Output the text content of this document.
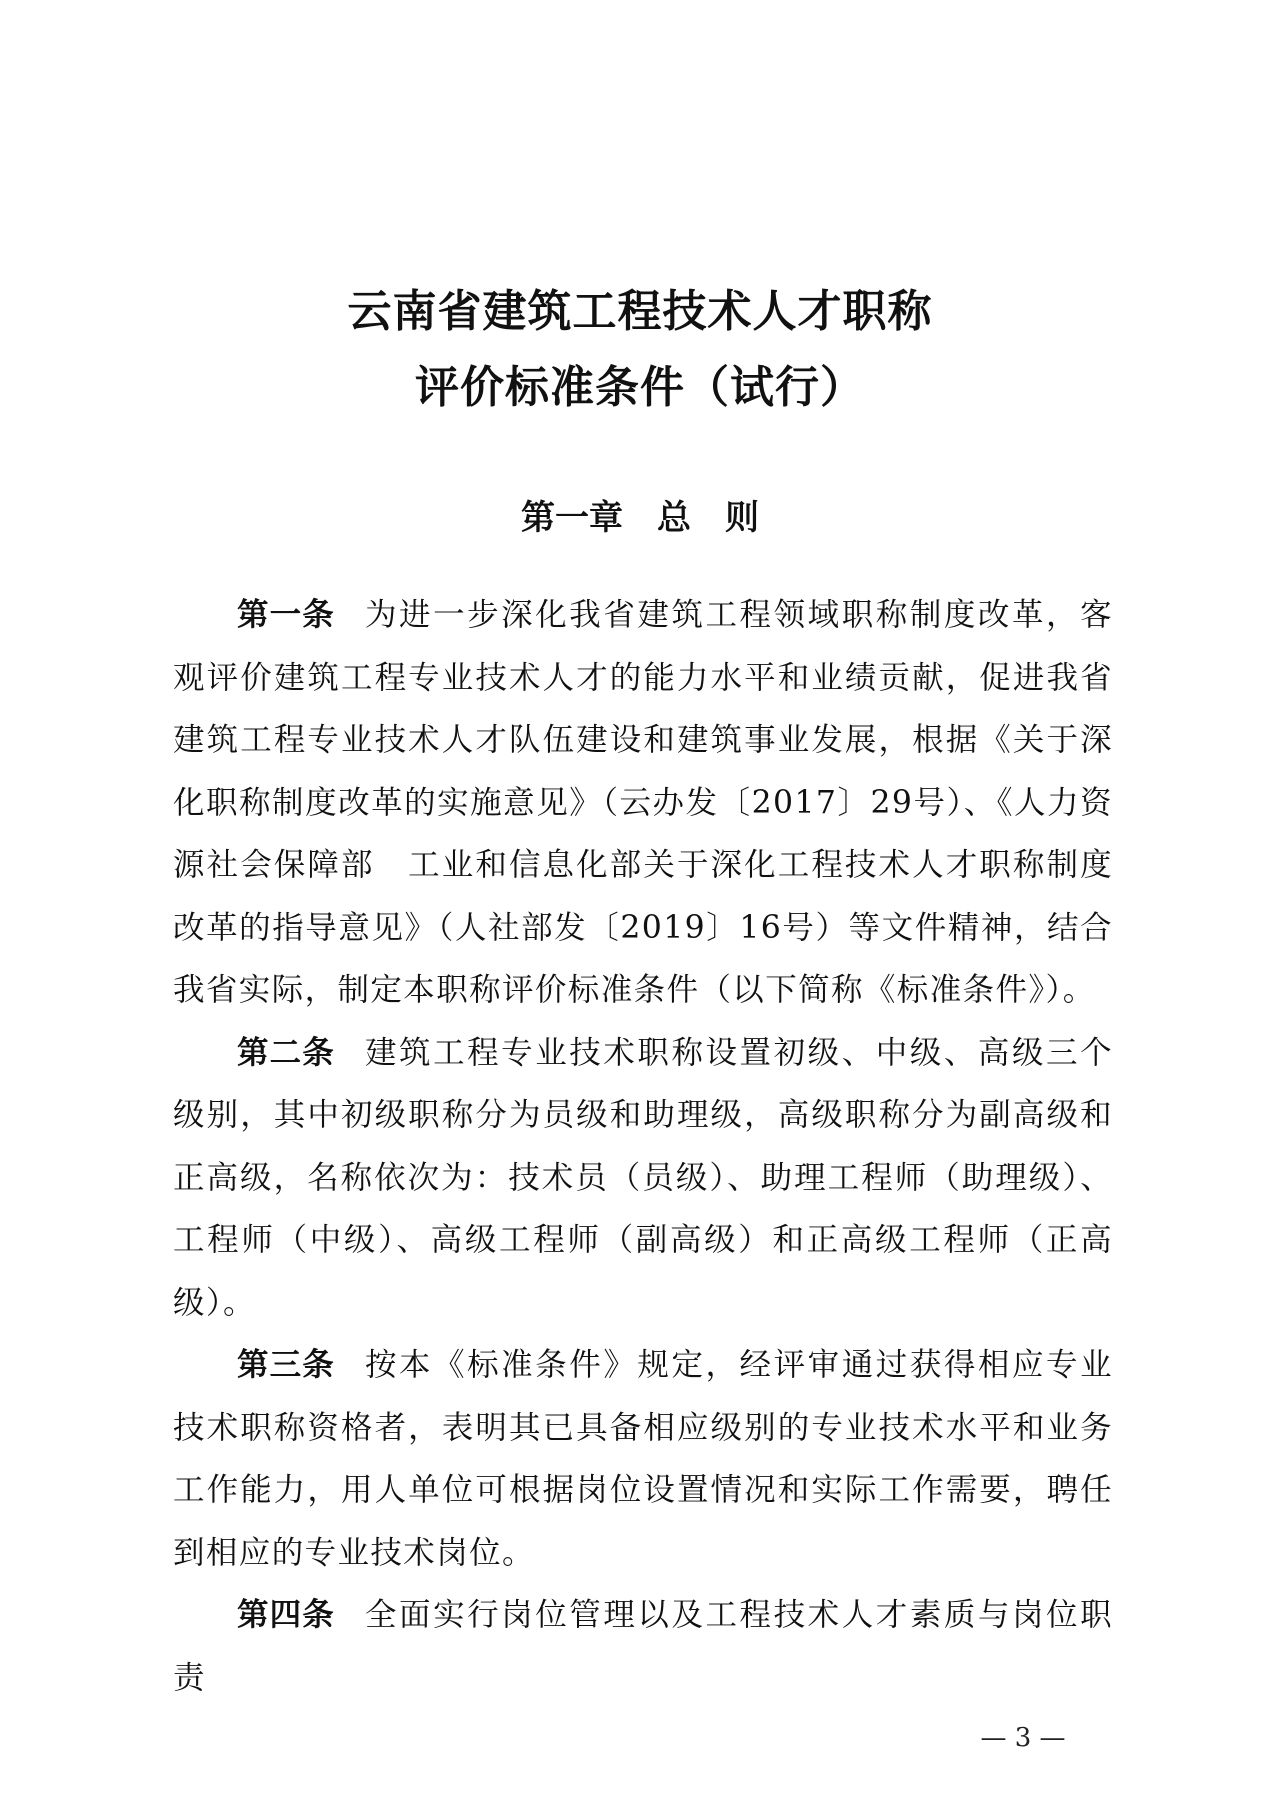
云南省建筑工程技术人才职称
评价标准条件（试行）
第一章 总　则

第一条 为进一步深化我省建筑工程领域职称制度改革，客观评价建筑工程专业技术人才的能力水平和业绩贡献，促进我省建筑工程专业技术人才队伍建设和建筑事业发展，根据《关于深化职称制度改革的实施意见》（云办发〔2017〕29号）、《人力资源社会保障部　工业和信息化部关于深化工程技术人才职称制度改革的指导意见》（人社部发〔2019〕16号）等文件精神，结合我省实际，制定本职称评价标准条件（以下简称《标准条件》）。

第二条 建筑工程专业技术职称设置初级、中级、高级三个级别，其中初级职称分为员级和助理级，高级职称分为副高级和正高级，名称依次为：技术员（员级）、助理工程师（助理级）、工程师（中级）、高级工程师（副高级）和正高级工程师（正高级）。

第三条 按本《标准条件》规定，经评审通过获得相应专业技术职称资格者，表明其已具备相应级别的专业技术水平和业务工作能力，用人单位可根据岗位设置情况和实际工作需要，聘任到相应的专业技术岗位。

第四条 全面实行岗位管理以及工程技术人才素质与岗位职责

— 3 —
